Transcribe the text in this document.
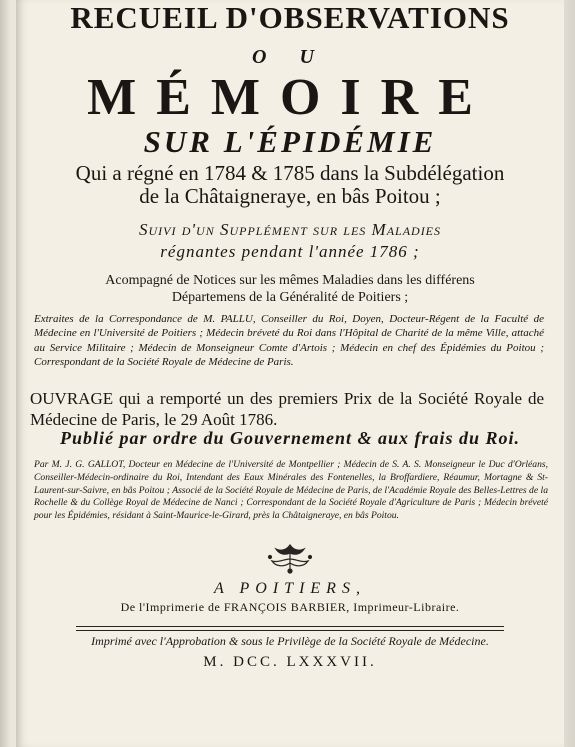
RECUEIL D'OBSERVATIONS
O U
MÉMOIRE
SUR L'ÉPIDÉMIE
Qui a régné en 1784 & 1785 dans la Subdélégation
de la Châtaigneraye, en bâs Poitou ;
Suivi d'un Supplément sur les Maladies
régnantes pendant l'année 1786 ;
Acompagné de Notices sur les mêmes Maladies dans les différens
Départemens de la Généralité de Poitiers ;
Extraites de la Correspondance de M. PALLU, Conseiller du Roi, Doyen, Docteur-Régent de la Faculté de Médecine en l'Université de Poitiers ; Médecin bréveté du Roi dans l'Hôpital de Charité de la même Ville, attaché au Service Militaire ; Médecin de Monseigneur Comte d'Artois ; Médecin en chef des Épidémies du Poitou ; Correspondant de la Société Royale de Médecine de Paris.
OUVRAGE qui a remporté un des premiers Prix de la Société Royale de Médecine de Paris, le 29 Août 1786.
Publié par ordre du Gouvernement & aux frais du Roi.
Par M. J. G. GALLOT, Docteur en Médecine de l'Université de Montpellier ; Médecin de S. A. S. Monseigneur le Duc d'Orléans, Conseiller-Médecin-ordinaire du Roi, Intendant des Eaux Minérales des Fontenelles, la Broffardiere, Réaumur, Mortagne & St-Laurent-sur-Saivre, en bâs Poitou ; Associé de la Société Royale de Médecine de Paris, de l'Académie Royale des Belles-Lettres de la Rochelle & du Collège Royal de Médecine de Nanci ; Correspondant de la Société Royale d'Agriculture de Paris ; Médecin bréveté pour les Épidémies, résidant à Saint-Maurice-le-Girard, près la Châtaigneraye, en bâs Poitou.
A POITIERS,
De l'Imprimerie de FRANÇOIS BARBIER, Imprimeur-Libraire.
Imprimé avec l'Approbation & sous le Privilège de la Société Royale de Médecine.
M. DCC. LXXXVII.
